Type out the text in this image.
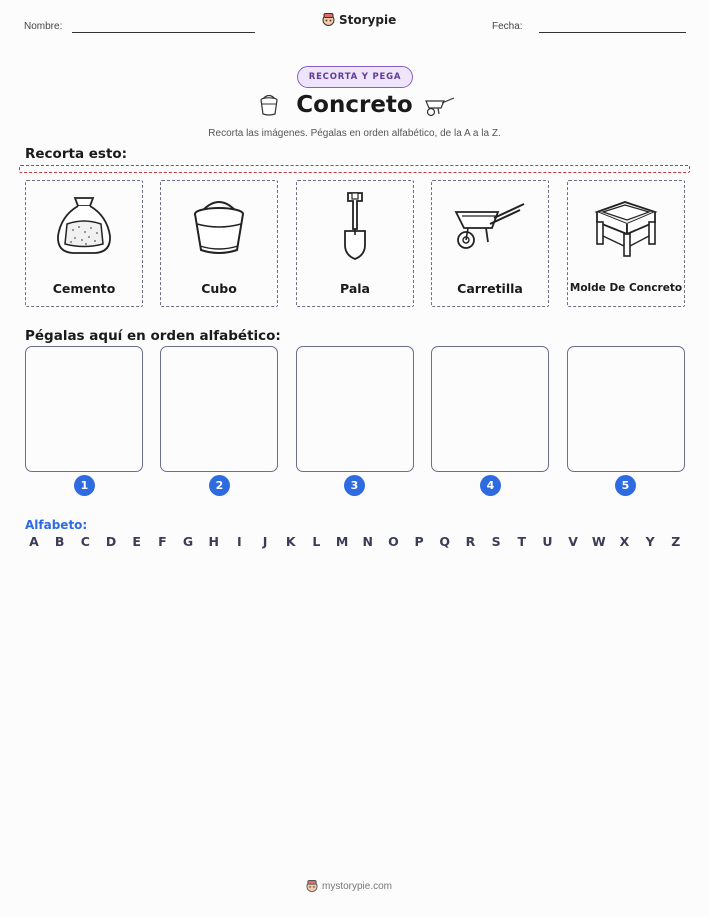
Nombre:	Storypie	Fecha:
RECORTA Y PEGA
Concreto
Recorta las imágenes. Pégalas en orden alfabético, de la A a la Z.
Recorta esto:
Cemento	Cubo	Pala	Carretilla	Molde De Concreto
Pégalas aquí en orden alfabético:
1	2	3	4	5
Alfabeto:
A	B	C	D	E	F	G	H	I	J	K	L	M	N	O	P	Q	R	S	T	U	V	W	X	Y	Z
mystorypie.com
